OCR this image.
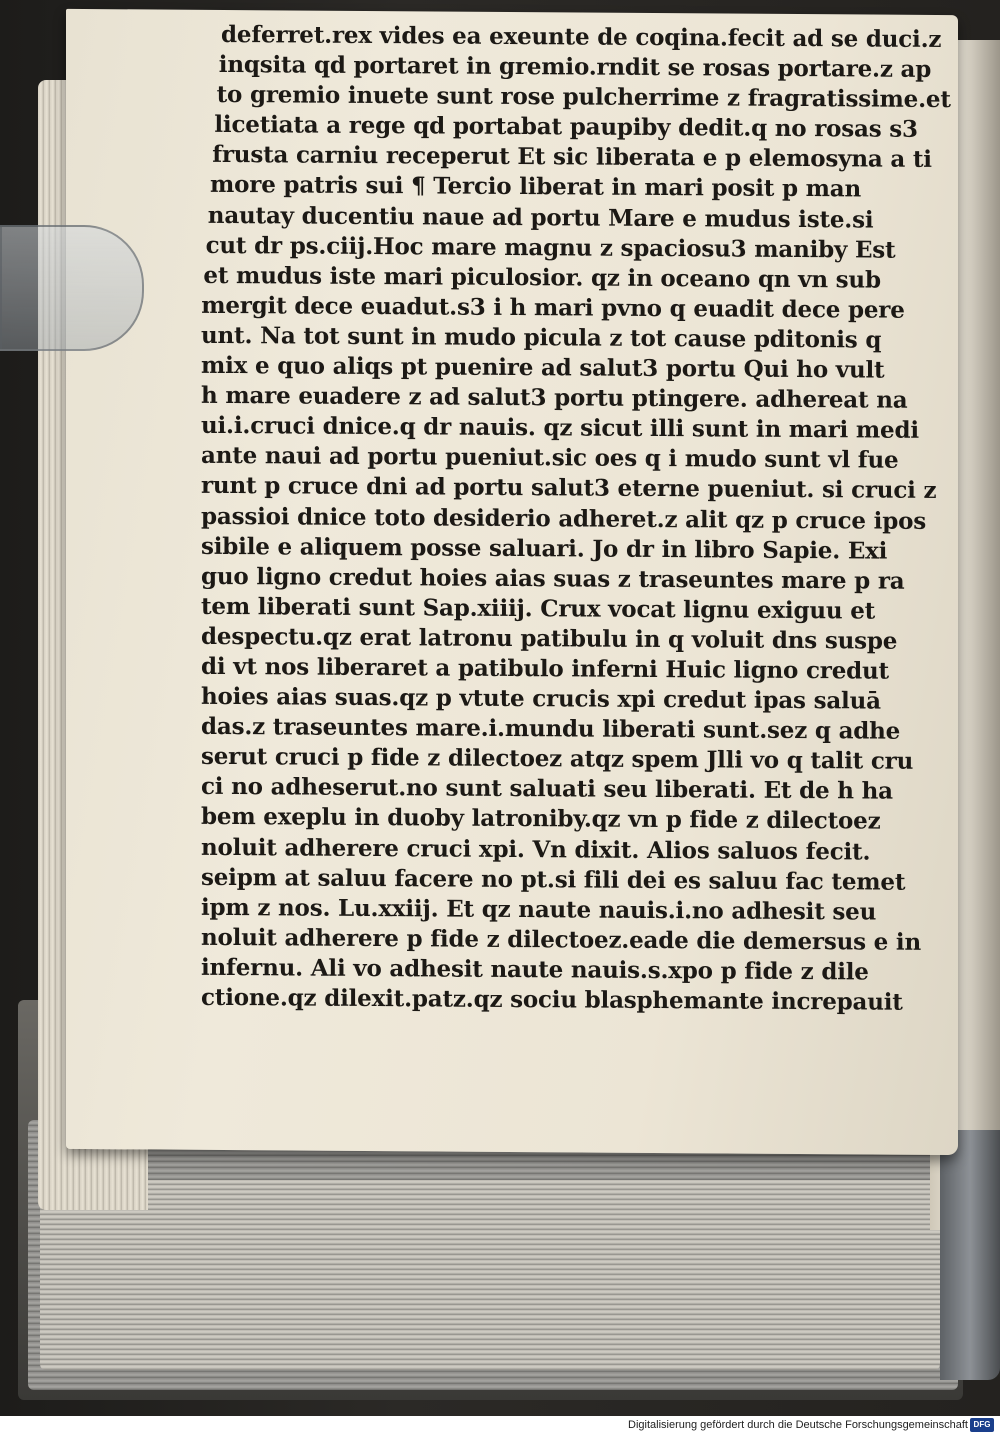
deferret.rex vides ea exeunte de coqina.fecit ad se duci.z
inqsita qd portaret in gremio.rndit se rosas portare.z ap
to gremio inuete sunt rose pulcherrime z fragratissime.et
licetiata a rege qd portabat paupiby dedit.q no rosas s3
frusta carniu receperut Et sic liberata e p elemosyna a ti
more patris sui ¶ Tercio liberat in mari posit p man
nautay ducentiu naue ad portu Mare e mudus iste.si
cut dr ps.ciij.Hoc mare magnu z spaciosu3 maniby Est
et mudus iste mari piculosior. qz in oceano qn vn sub
mergit dece euadut.s3 i h mari pvno q euadit dece pere
unt. Na tot sunt in mudo picula z tot cause pditonis q
mix e quo aliqs pt puenire ad salut3 portu Qui ho vult
h mare euadere z ad salut3 portu ptingere. adhereat na
ui.i.cruci dnice.q dr nauis. qz sicut illi sunt in mari medi
ante naui ad portu pueniut.sic oes q i mudo sunt vl fue
runt p cruce dni ad portu salut3 eterne pueniut. si cruci z
passioi dnice toto desiderio adheret.z alit qz p cruce ipos
sibile e aliquem posse saluari. Jo dr in libro Sapie. Exi
guo ligno credut hoies aias suas z traseuntes mare p ra
tem liberati sunt Sap.xiiij. Crux vocat lignu exiguu et
despectu.qz erat latronu patibulu in q voluit dns suspe
di vt nos liberaret a patibulo inferni Huic ligno credut
hoies aias suas.qz p vtute crucis xpi credut ipas saluā
das.z traseuntes mare.i.mundu liberati sunt.sez q adhe
serut cruci p fide z dilectoez atqz spem Jlli vo q talit cru
ci no adheserut.no sunt saluati seu liberati. Et de h ha
bem exeplu in duoby latroniby.qz vn p fide z dilectoez
noluit adherere cruci xpi. Vn dixit. Alios saluos fecit.
seipm at saluu facere no pt.si fili dei es saluu fac temet
ipm z nos. Lu.xxiij. Et qz naute nauis.i.no adhesit seu
noluit adherere p fide z dilectoez.eade die demersus e in
infernu. Ali vo adhesit naute nauis.s.xpo p fide z dile
ctione.qz dilexit.patz.qz sociu blasphemante increpauit
Digitalisierung gefördert durch die Deutsche Forschungsgemeinschaft DFG
